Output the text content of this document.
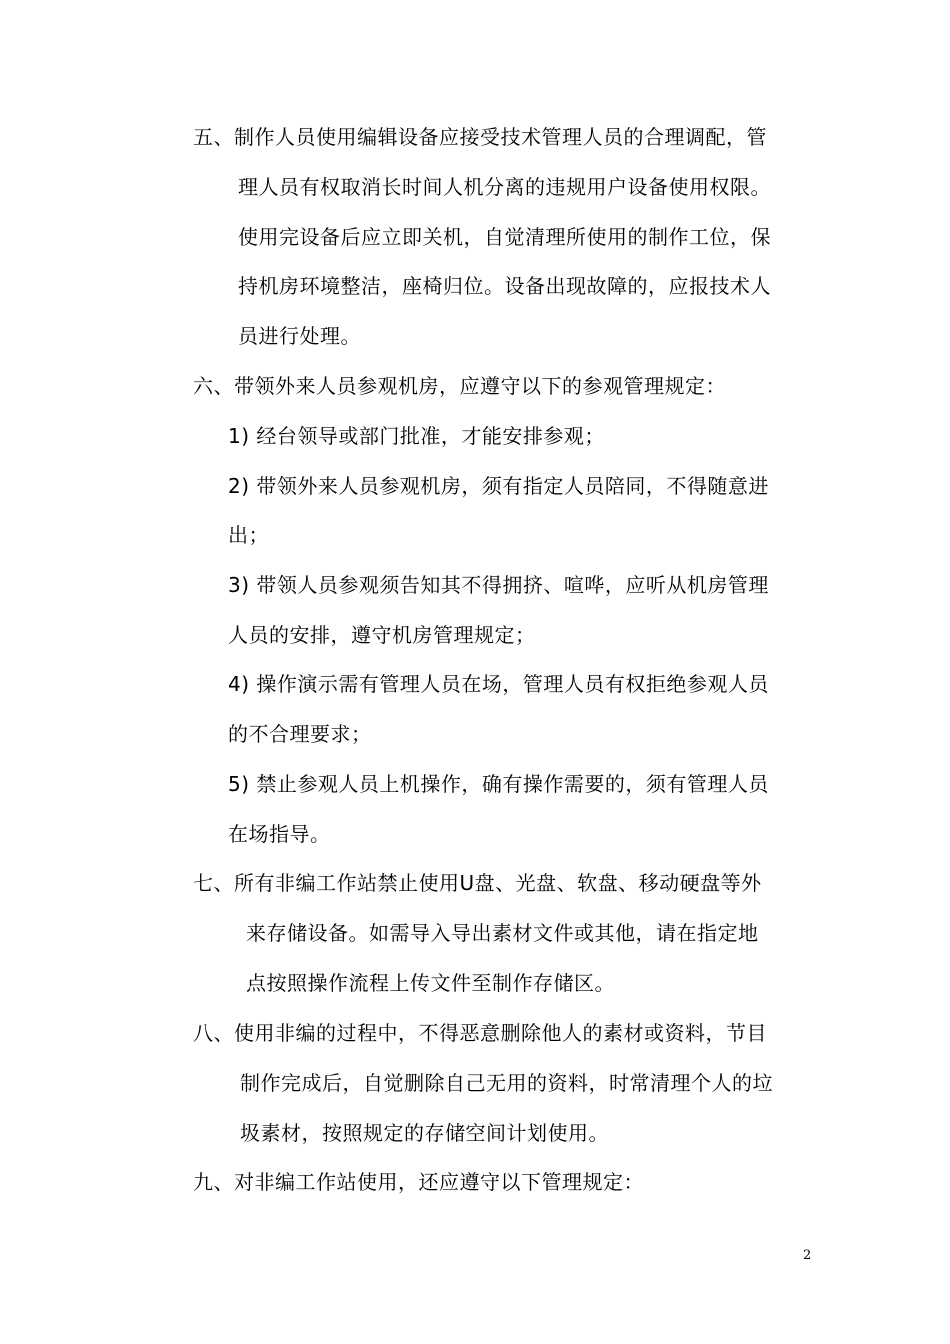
五、制作人员使用编辑设备应接受技术管理人员的合理调配，管
理人员有权取消长时间人机分离的违规用户设备使用权限。
使用完设备后应立即关机，自觉清理所使用的制作工位，保
持机房环境整洁，座椅归位。设备出现故障的，应报技术人
员进行处理。
六、带领外来人员参观机房，应遵守以下的参观管理规定：
1) 经台领导或部门批准，才能安排参观；
2) 带领外来人员参观机房，须有指定人员陪同，不得随意进
出；
3) 带领人员参观须告知其不得拥挤、喧哗，应听从机房管理
人员的安排，遵守机房管理规定；
4) 操作演示需有管理人员在场，管理人员有权拒绝参观人员
的不合理要求；
5) 禁止参观人员上机操作，确有操作需要的，须有管理人员
在场指导。
七、所有非编工作站禁止使用U盘、光盘、软盘、移动硬盘等外
来存储设备。如需导入导出素材文件或其他，请在指定地
点按照操作流程上传文件至制作存储区。
八、使用非编的过程中，不得恶意删除他人的素材或资料，节目
制作完成后，自觉删除自己无用的资料，时常清理个人的垃
圾素材，按照规定的存储空间计划使用。
九、对非编工作站使用，还应遵守以下管理规定：
2
